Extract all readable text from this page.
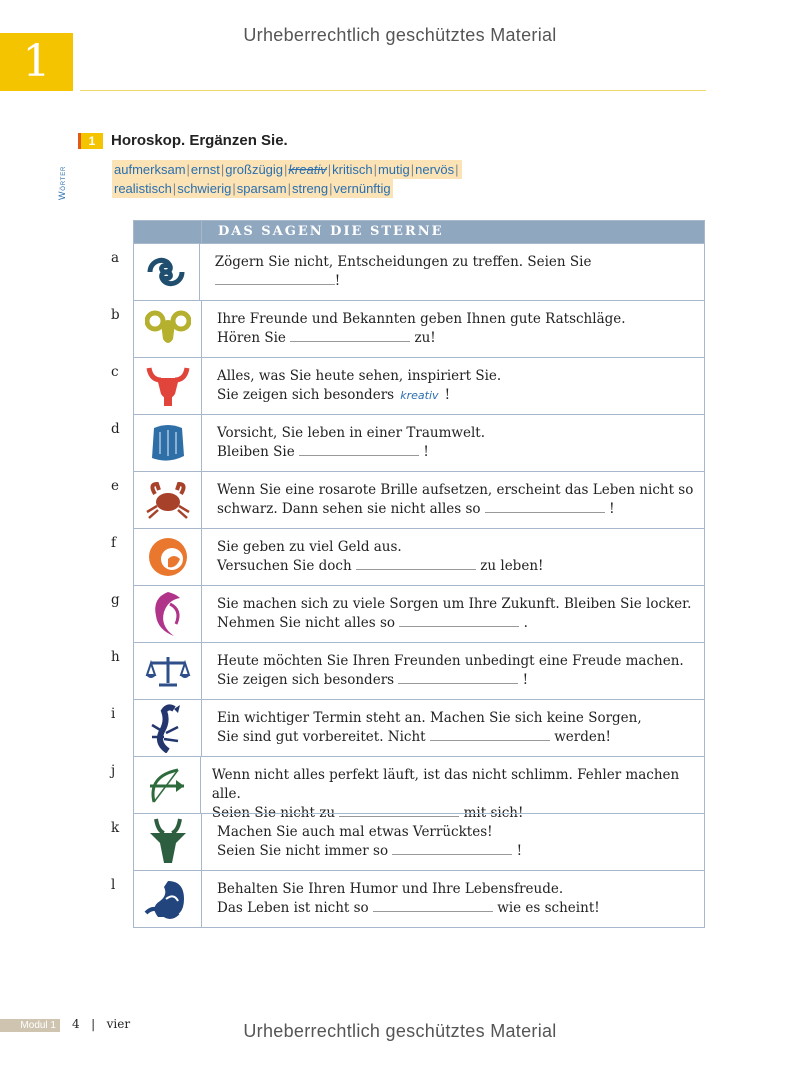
Urheberrechtlich geschütztes Material
1
1	Horoskop. Ergänzen Sie.
Wörter	aufmerksam|ernst|großzügig|kreativ|kritisch|mutig|nervös|
realistisch|schwierig|sparsam|streng|vernünftig
DAS SAGEN DIE STERNE
a	Zögern Sie nicht, Entscheidungen zu treffen. Seien Sie !
b	Ihre Freunde und Bekannten geben Ihnen gute Ratschläge.
Hören Sie	zu!
c	Alles, was Sie heute sehen, inspiriert Sie.
Sie zeigen sich besonders kreativ !
d	Vorsicht, Sie leben in einer Traumwelt.
Bleiben Sie	!
e	Wenn Sie eine rosarote Brille aufsetzen, erscheint das Leben nicht so
schwarz. Dann sehen sie nicht alles so	!
f	Sie geben zu viel Geld aus.
Versuchen Sie doch	zu leben!
g	Sie machen sich zu viele Sorgen um Ihre Zukunft. Bleiben Sie locker.
Nehmen Sie nicht alles so	.
h	Heute möchten Sie Ihren Freunden unbedingt eine Freude machen.
Sie zeigen sich besonders	!
i	Ein wichtiger Termin steht an. Machen Sie sich keine Sorgen,
Sie sind gut vorbereitet. Nicht	werden!
j	Wenn nicht alles perfekt läuft, ist das nicht schlimm. Fehler machen alle.
Seien Sie nicht zu	mit sich!
k	Machen Sie auch mal etwas Verrücktes!
Seien Sie nicht immer so	!
l	Behalten Sie Ihren Humor und Ihre Lebensfreude.
Das Leben ist nicht so	wie es scheint!
Urheberrechtlich geschütztes Material
Modul 1	4 | vier
